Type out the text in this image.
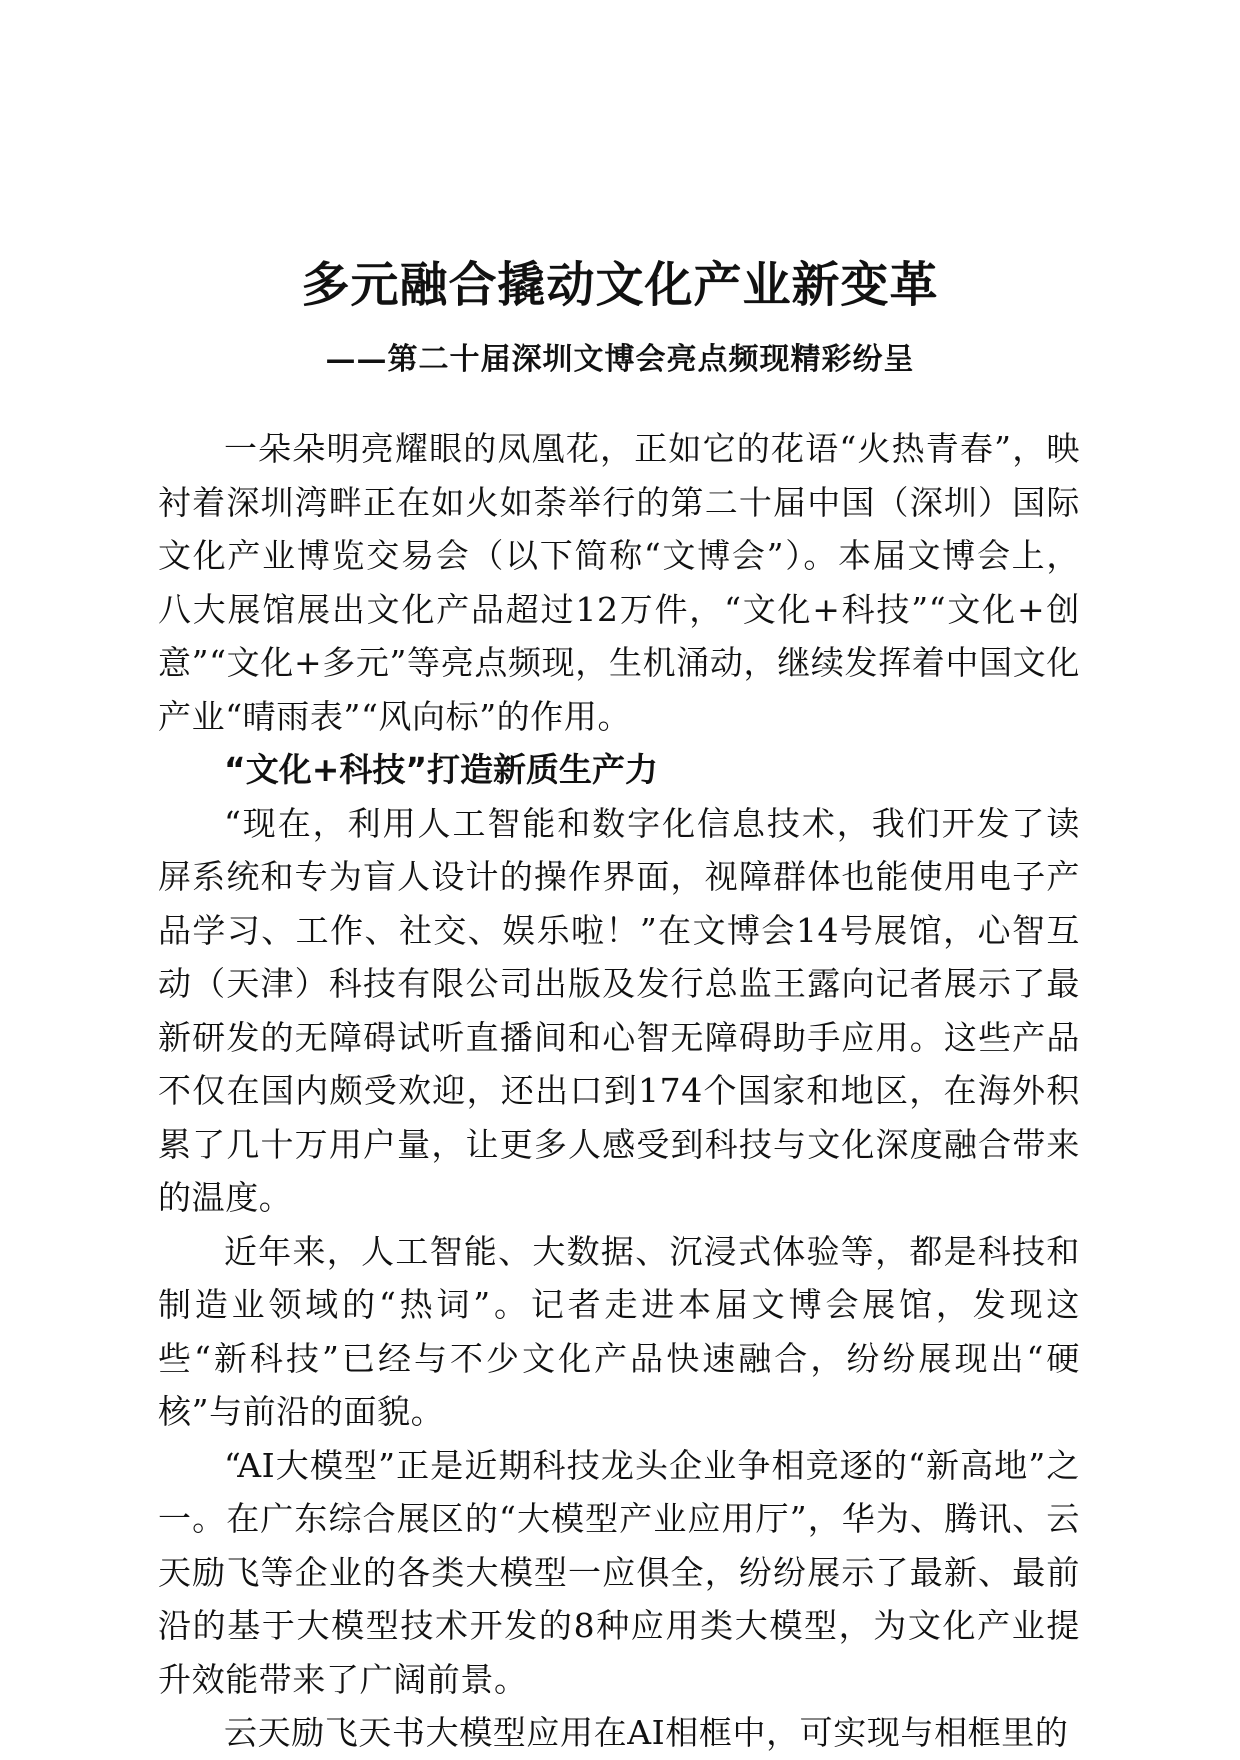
多元融合撬动文化产业新变革
——第二十届深圳文博会亮点频现精彩纷呈

一朵朵明亮耀眼的凤凰花，正如它的花语“火热青春”，映衬着深圳湾畔正在如火如荼举行的第二十届中国（深圳）国际文化产业博览交易会（以下简称“文博会”）。本届文博会上，八大展馆展出文化产品超过12万件，“文化+科技”“文化+创意”“文化+多元”等亮点频现，生机涌动，继续发挥着中国文化产业“晴雨表”“风向标”的作用。

“文化+科技”打造新质生产力

“现在，利用人工智能和数字化信息技术，我们开发了读屏系统和专为盲人设计的操作界面，视障群体也能使用电子产品学习、工作、社交、娱乐啦！”在文博会14号展馆，心智互动（天津）科技有限公司出版及发行总监王露向记者展示了最新研发的无障碍试听直播间和心智无障碍助手应用。这些产品不仅在国内颇受欢迎，还出口到174个国家和地区，在海外积累了几十万用户量，让更多人感受到科技与文化深度融合带来的温度。

近年来，人工智能、大数据、沉浸式体验等，都是科技和制造业领域的“热词”。记者走进本届文博会展馆，发现这些“新科技”已经与不少文化产品快速融合，纷纷展现出“硬核”与前沿的面貌。

“AI大模型”正是近期科技龙头企业争相竞逐的“新高地”之一。在广东综合展区的“大模型产业应用厅”，华为、腾讯、云天励飞等企业的各类大模型一应俱全，纷纷展示了最新、最前沿的基于大模型技术开发的8种应用类大模型，为文化产业提升效能带来了广阔前景。

云天励飞天书大模型应用在AI相框中，可实现与相框里的
